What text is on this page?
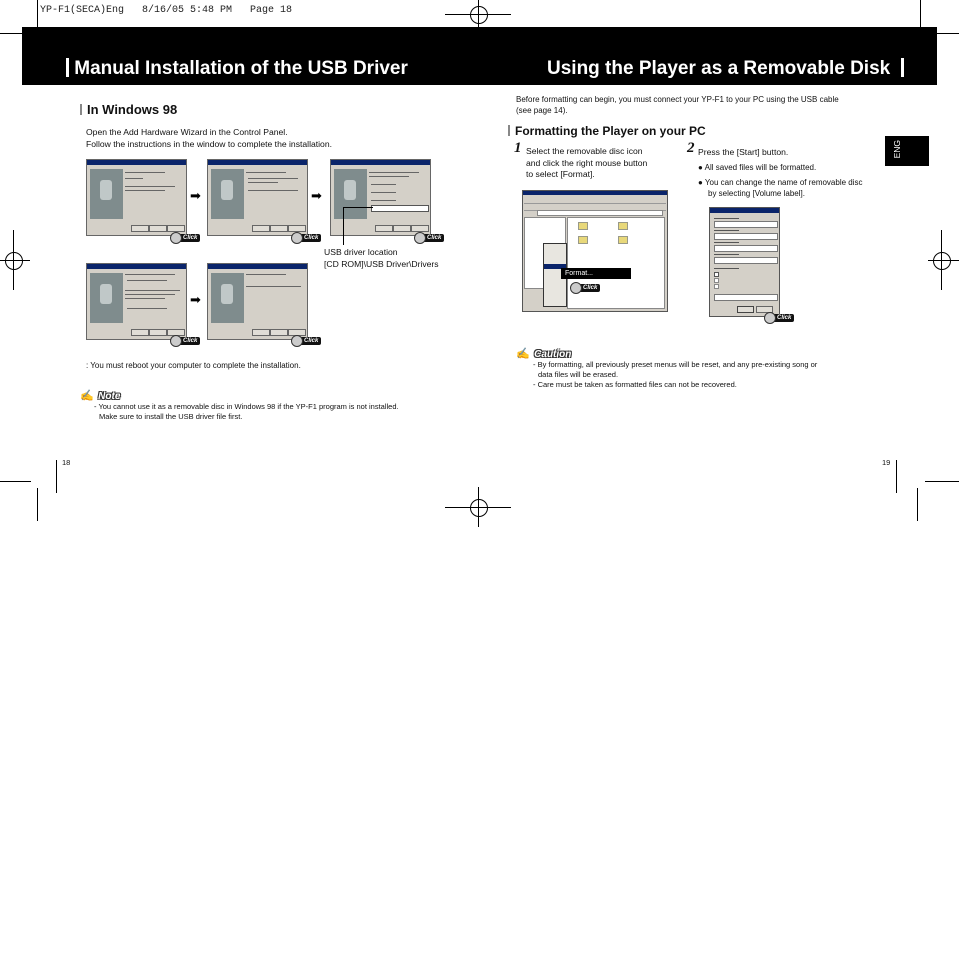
YP-F1(SECA)Eng   8/16/05 5:48 PM   Page 18
Manual Installation of the USB Driver	Using the Player as a Removable Disk
In Windows 98
Open the Add Hardware Wizard in the Control Panel.
Follow the instructions in the window to complete the installation.
Click
➡
Click
➡
Click
USB driver location
[CD ROM]\USB Driver\Drivers
Click
➡
Click
: You must reboot your computer to complete the installation.
✍ Note
- You cannot use it as a removable disc in Windows 98 if the YP-F1 program is not installed.
Make sure to install the USB driver file first.
18
Before formatting can begin, you must connect your YP-F1 to your PC using the USB cable
(see page 14).
Formatting the Player on your PC
1 Select the removable disc icon
and click the right mouse button
to select [Format].
2 Press the [Start] button.
● All saved files will be formatted.
● You can change the name of removable disc
by selecting [Volume label].
Format...
Click
Click
✍ Caution
- By formatting, all previously preset menus will be reset, and any pre-existing song or
data files will be erased.
- Care must be taken as formatted files can not be recovered.
ENG
19
